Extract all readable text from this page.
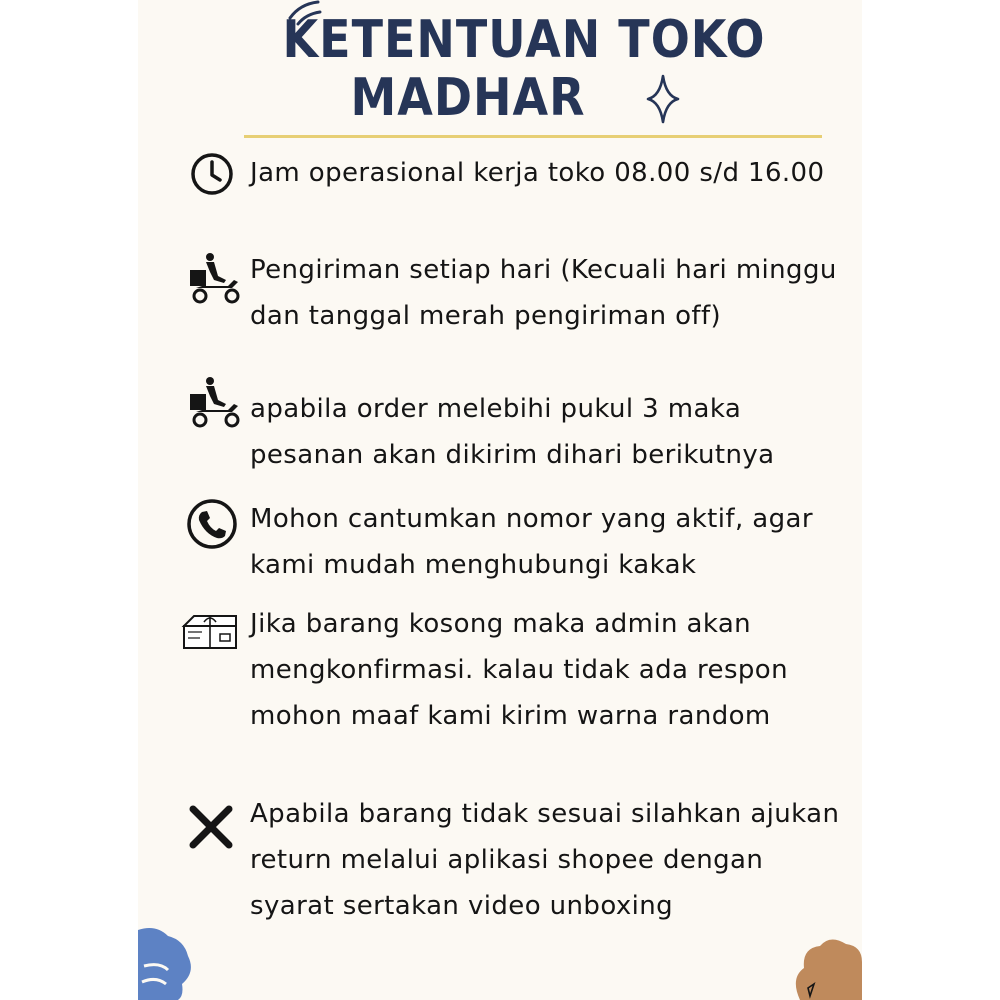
KETENTUAN TOKO
MADHAR
Jam operasional kerja toko 08.00 s/d 16.00
Pengiriman setiap hari (Kecuali hari minggu dan tanggal merah pengiriman off)
apabila order melebihi pukul 3 maka pesanan akan dikirim dihari berikutnya
Mohon cantumkan nomor yang aktif, agar kami mudah menghubungi kakak
Jika barang kosong maka admin akan mengkonfirmasi. kalau tidak ada respon mohon maaf kami kirim warna random
Apabila barang tidak sesuai silahkan ajukan return melalui aplikasi shopee dengan syarat sertakan video unboxing
